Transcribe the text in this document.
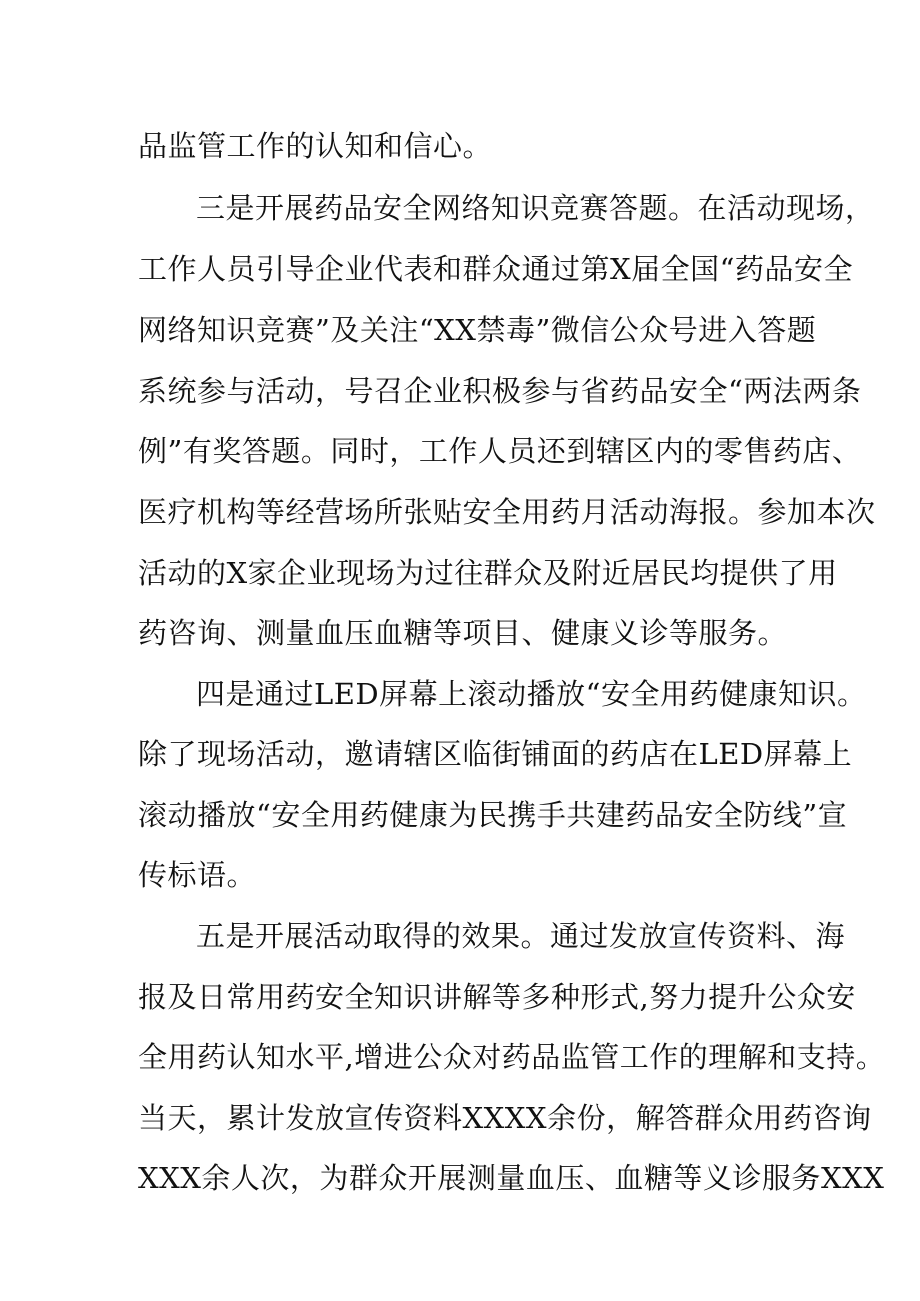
品监管工作的认知和信心。
三是开展药品安全网络知识竞赛答题。在活动现场，
工作人员引导企业代表和群众通过第X届全国“药品安全
网络知识竞赛”及关注“XX禁毒”微信公众号进入答题
系统参与活动，号召企业积极参与省药品安全“两法两条
例”有奖答题。同时，工作人员还到辖区内的零售药店、
医疗机构等经营场所张贴安全用药月活动海报。参加本次
活动的X家企业现场为过往群众及附近居民均提供了用
药咨询、测量血压血糖等项目、健康义诊等服务。
四是通过LED屏幕上滚动播放“安全用药健康知识。
除了现场活动，邀请辖区临街铺面的药店在LED屏幕上
滚动播放“安全用药健康为民携手共建药品安全防线”宣
传标语。
五是开展活动取得的效果。通过发放宣传资料、海
报及日常用药安全知识讲解等多种形式,努力提升公众安
全用药认知水平,增进公众对药品监管工作的理解和支持。
当天，累计发放宣传资料XXXX余份，解答群众用药咨询
XXX余人次，为群众开展测量血压、血糖等义诊服务XXX
